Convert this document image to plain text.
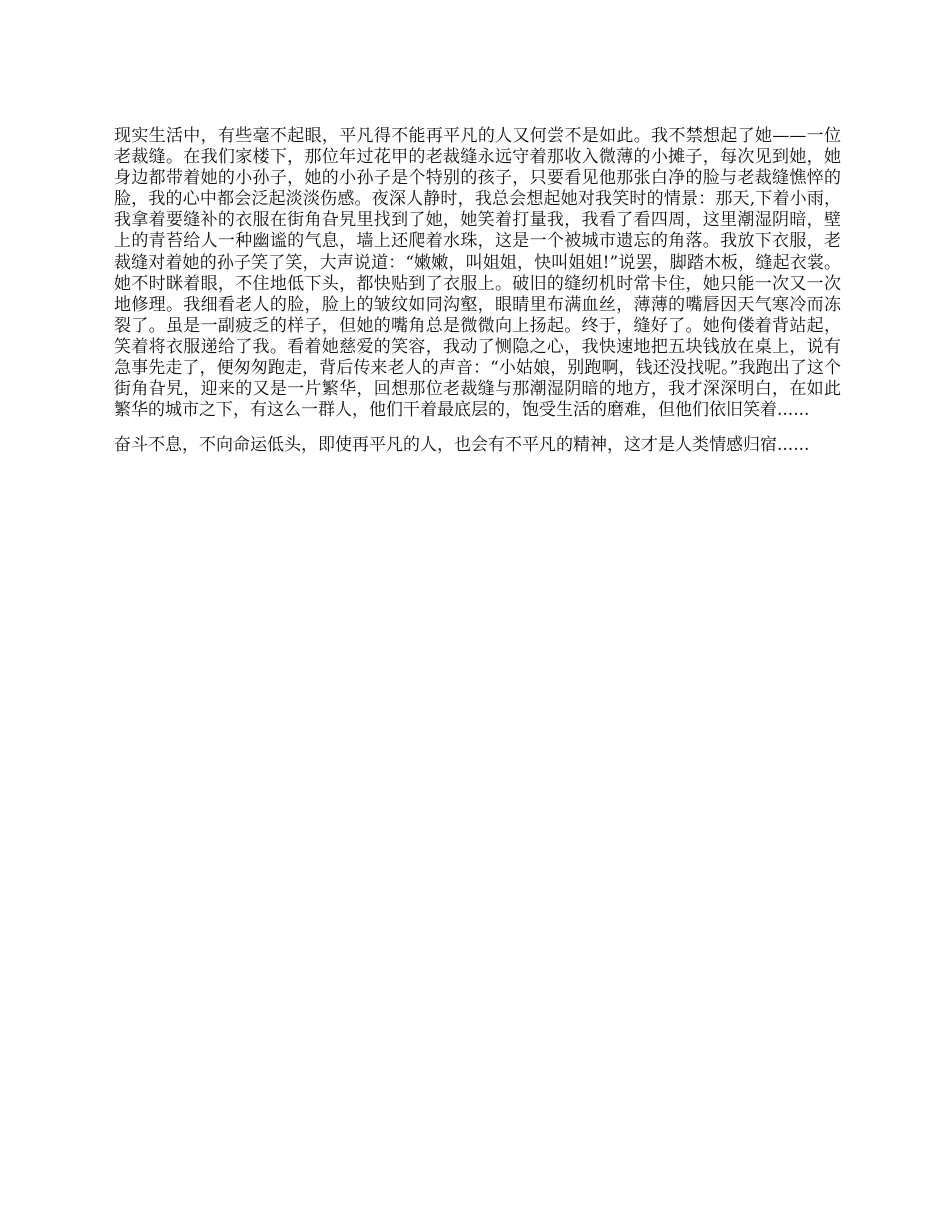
现实生活中，有些毫不起眼，平凡得不能再平凡的人又何尝不是如此。我不禁想起了她——一位老裁缝。在我们家楼下，那位年过花甲的老裁缝永远守着那收入微薄的小摊子，每次见到她，她身边都带着她的小孙子，她的小孙子是个特别的孩子，只要看见他那张白净的脸与老裁缝憔悴的脸，我的心中都会泛起淡淡伤感。夜深人静时，我总会想起她对我笑时的情景：那天,下着小雨，我拿着要缝补的衣服在街角旮旯里找到了她，她笑着打量我，我看了看四周，这里潮湿阴暗，壁上的青苔给人一种幽谧的气息，墙上还爬着水珠，这是一个被城市遗忘的角落。我放下衣服，老裁缝对着她的孙子笑了笑，大声说道：“嫩嫩，叫姐姐，快叫姐姐!”说罢，脚踏木板，缝起衣裳。她不时眯着眼，不住地低下头，都快贴到了衣服上。破旧的缝纫机时常卡住，她只能一次又一次地修理。我细看老人的脸，脸上的皱纹如同沟壑，眼睛里布满血丝，薄薄的嘴唇因天气寒冷而冻裂了。虽是一副疲乏的样子，但她的嘴角总是微微向上扬起。终于，缝好了。她佝偻着背站起，笑着将衣服递给了我。看着她慈爱的笑容，我动了恻隐之心，我快速地把五块钱放在桌上，说有急事先走了，便匆匆跑走，背后传来老人的声音：“小姑娘，别跑啊，钱还没找呢。”我跑出了这个街角旮旯，迎来的又是一片繁华，回想那位老裁缝与那潮湿阴暗的地方，我才深深明白，在如此繁华的城市之下，有这么一群人，他们干着最底层的，饱受生活的磨难，但他们依旧笑着......

奋斗不息，不向命运低头，即使再平凡的人，也会有不平凡的精神，这才是人类情感归宿......
